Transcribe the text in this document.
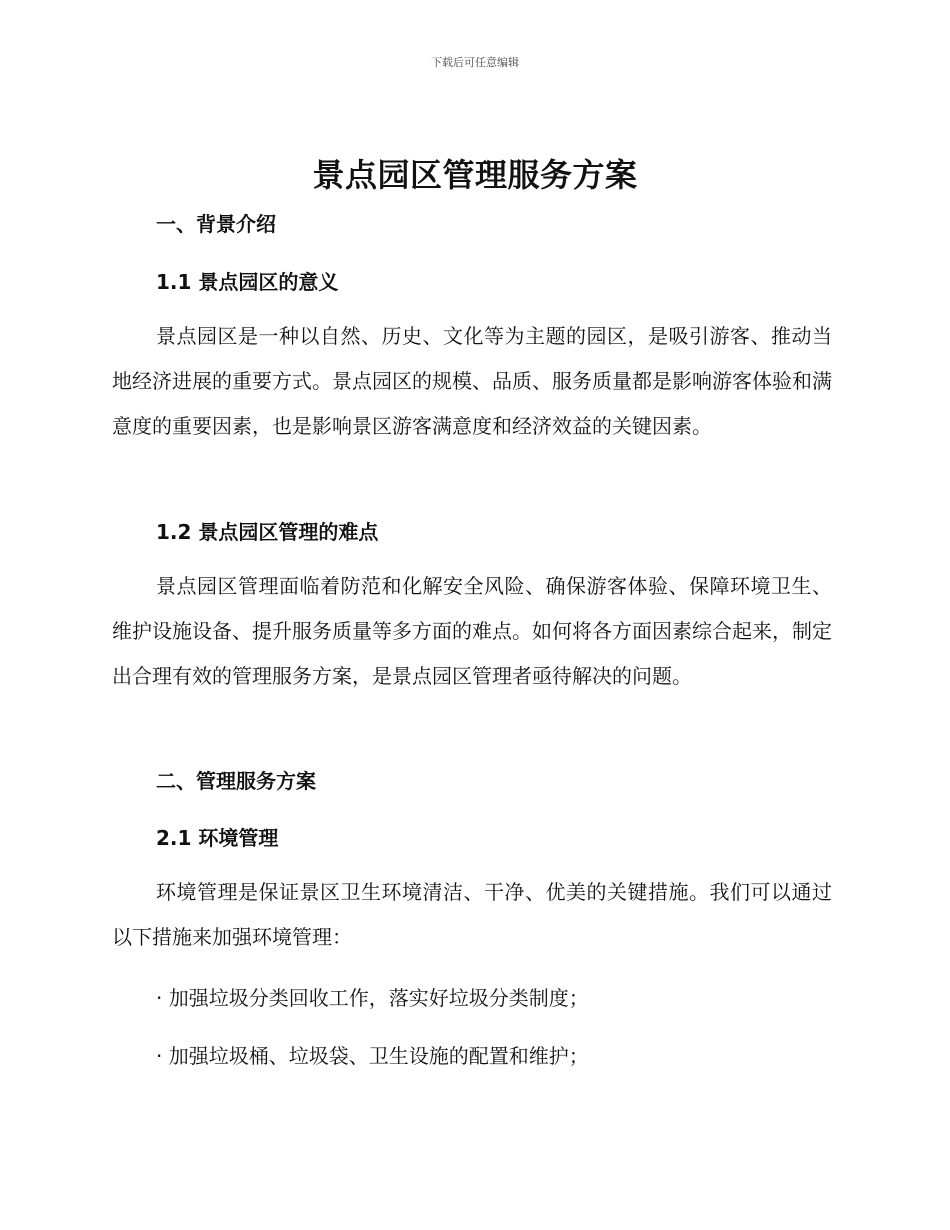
下载后可任意编辑
景点园区管理服务方案
一、背景介绍
1.1 景点园区的意义
景点园区是一种以自然、历史、文化等为主题的园区，是吸引游客、推动当地经济进展的重要方式。景点园区的规模、品质、服务质量都是影响游客体验和满意度的重要因素，也是影响景区游客满意度和经济效益的关键因素。
1.2 景点园区管理的难点
景点园区管理面临着防范和化解安全风险、确保游客体验、保障环境卫生、维护设施设备、提升服务质量等多方面的难点。如何将各方面因素综合起来，制定出合理有效的管理服务方案，是景点园区管理者亟待解决的问题。
二、管理服务方案
2.1 环境管理
环境管理是保证景区卫生环境清洁、干净、优美的关键措施。我们可以通过以下措施来加强环境管理：
· 加强垃圾分类回收工作，落实好垃圾分类制度；
· 加强垃圾桶、垃圾袋、卫生设施的配置和维护；
